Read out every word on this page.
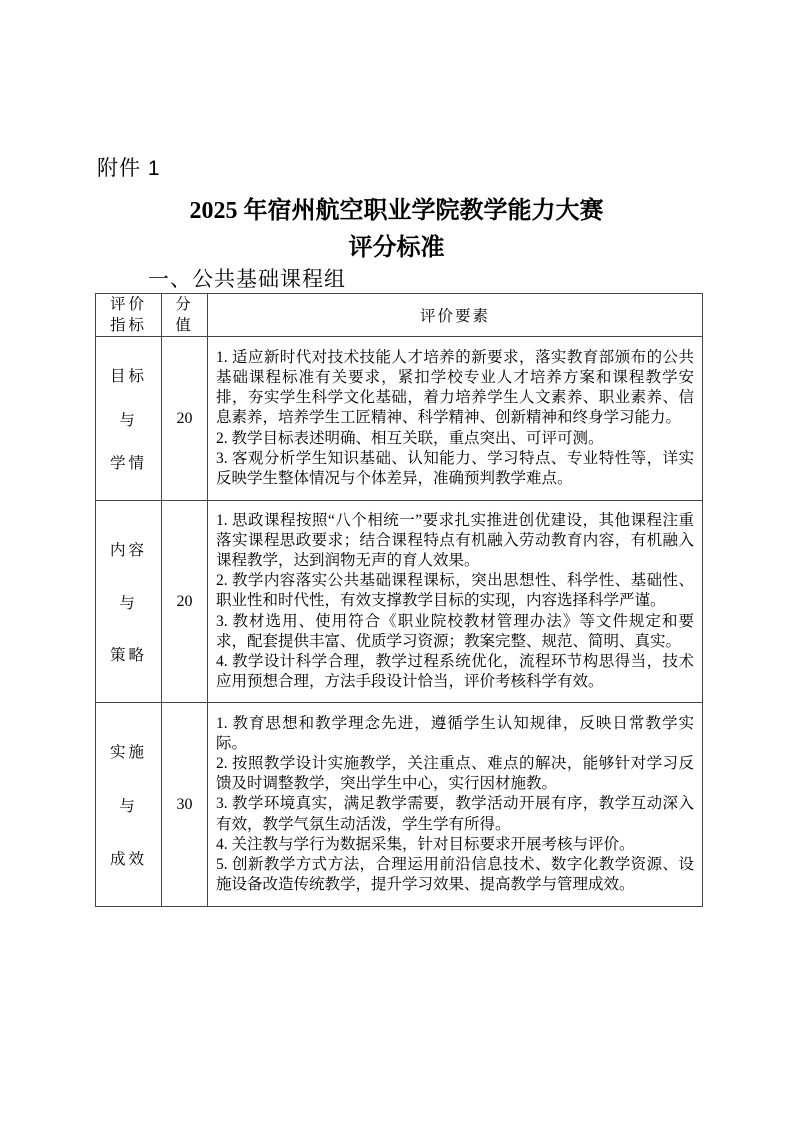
附件 1
2025 年宿州航空职业学院教学能力大赛
评分标准
一、公共基础课程组
评价
指标
分
值
评价要素
目标
与
学情
20

1. 适应新时代对技术技能人才培养的新要求，落实教育部颁布的公共基础课程标准有关要求，紧扣学校专业人才培养方案和课程教学安排，夯实学生科学文化基础，着力培养学生人文素养、职业素养、信息素养，培养学生工匠精神、科学精神、创新精神和终身学习能力。

2. 教学目标表述明确、相互关联，重点突出、可评可测。

3. 客观分析学生知识基础、认知能力、学习特点、专业特性等，详实反映学生整体情况与个体差异，准确预判教学难点。

内容
与
策略
20

1. 思政课程按照“八个相统一”要求扎实推进创优建设，其他课程注重落实课程思政要求；结合课程特点有机融入劳动教育内容，有机融入课程教学，达到润物无声的育人效果。

2. 教学内容落实公共基础课程课标，突出思想性、科学性、基础性、职业性和时代性，有效支撑教学目标的实现，内容选择科学严谨。

3. 教材选用、使用符合《职业院校教材管理办法》等文件规定和要求，配套提供丰富、优质学习资源；教案完整、规范、简明、真实。

4. 教学设计科学合理，教学过程系统优化，流程环节构思得当，技术应用预想合理，方法手段设计恰当，评价考核科学有效。

实施
与
成效
30

1. 教育思想和教学理念先进，遵循学生认知规律，反映日常教学实际。

2. 按照教学设计实施教学，关注重点、难点的解决，能够针对学习反馈及时调整教学，突出学生中心，实行因材施教。

3. 教学环境真实，满足教学需要，教学活动开展有序，教学互动深入有效，教学气氛生动活泼，学生学有所得。

4. 关注教与学行为数据采集，针对目标要求开展考核与评价。

5. 创新教学方式方法，合理运用前沿信息技术、数字化教学资源、设施设备改造传统教学，提升学习效果、提高教学与管理成效。
